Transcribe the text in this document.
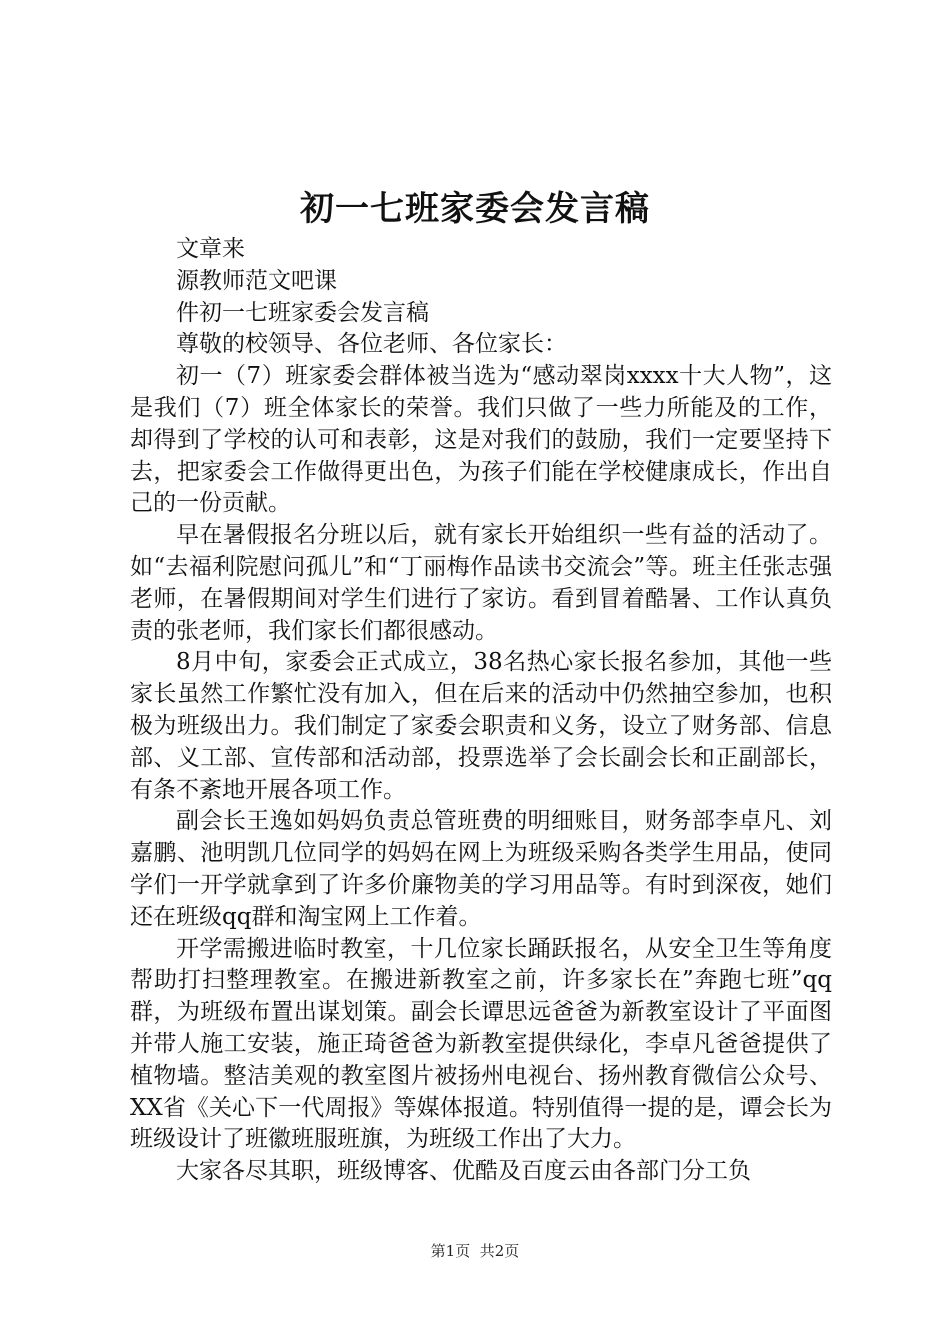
初一七班家委会发言稿

文章来

源教师范文吧课

件初一七班家委会发言稿

尊敬的校领导、各位老师、各位家长：

初一（7）班家委会群体被当选为“感动翠岗xxxx十大人物”，这是我们（7）班全体家长的荣誉。我们只做了一些力所能及的工作，却得到了学校的认可和表彰，这是对我们的鼓励，我们一定要坚持下去，把家委会工作做得更出色，为孩子们能在学校健康成长，作出自己的一份贡献。

早在暑假报名分班以后，就有家长开始组织一些有益的活动了。如“去福利院慰问孤儿”和“丁丽梅作品读书交流会”等。班主任张志强老师，在暑假期间对学生们进行了家访。看到冒着酷暑、工作认真负责的张老师，我们家长们都很感动。

8月中旬，家委会正式成立，38名热心家长报名参加，其他一些家长虽然工作繁忙没有加入，但在后来的活动中仍然抽空参加，也积极为班级出力。我们制定了家委会职责和义务，设立了财务部、信息部、义工部、宣传部和活动部，投票选举了会长副会长和正副部长，有条不紊地开展各项工作。

副会长王逸如妈妈负责总管班费的明细账目，财务部李卓凡、刘嘉鹏、池明凯几位同学的妈妈在网上为班级采购各类学生用品，使同学们一开学就拿到了许多价廉物美的学习用品等。有时到深夜，她们还在班级qq群和淘宝网上工作着。

开学需搬进临时教室，十几位家长踊跃报名，从安全卫生等角度帮助打扫整理教室。在搬进新教室之前，许多家长在”奔跑七班”qq群，为班级布置出谋划策。副会长谭思远爸爸为新教室设计了平面图并带人施工安装，施正琦爸爸为新教室提供绿化，李卓凡爸爸提供了植物墙。整洁美观的教室图片被扬州电视台、扬州教育微信公众号、XX省《关心下一代周报》等媒体报道。特别值得一提的是，谭会长为班级设计了班徽班服班旗，为班级工作出了大力。

大家各尽其职，班级博客、优酷及百度云由各部门分工负

第1页 共2页
